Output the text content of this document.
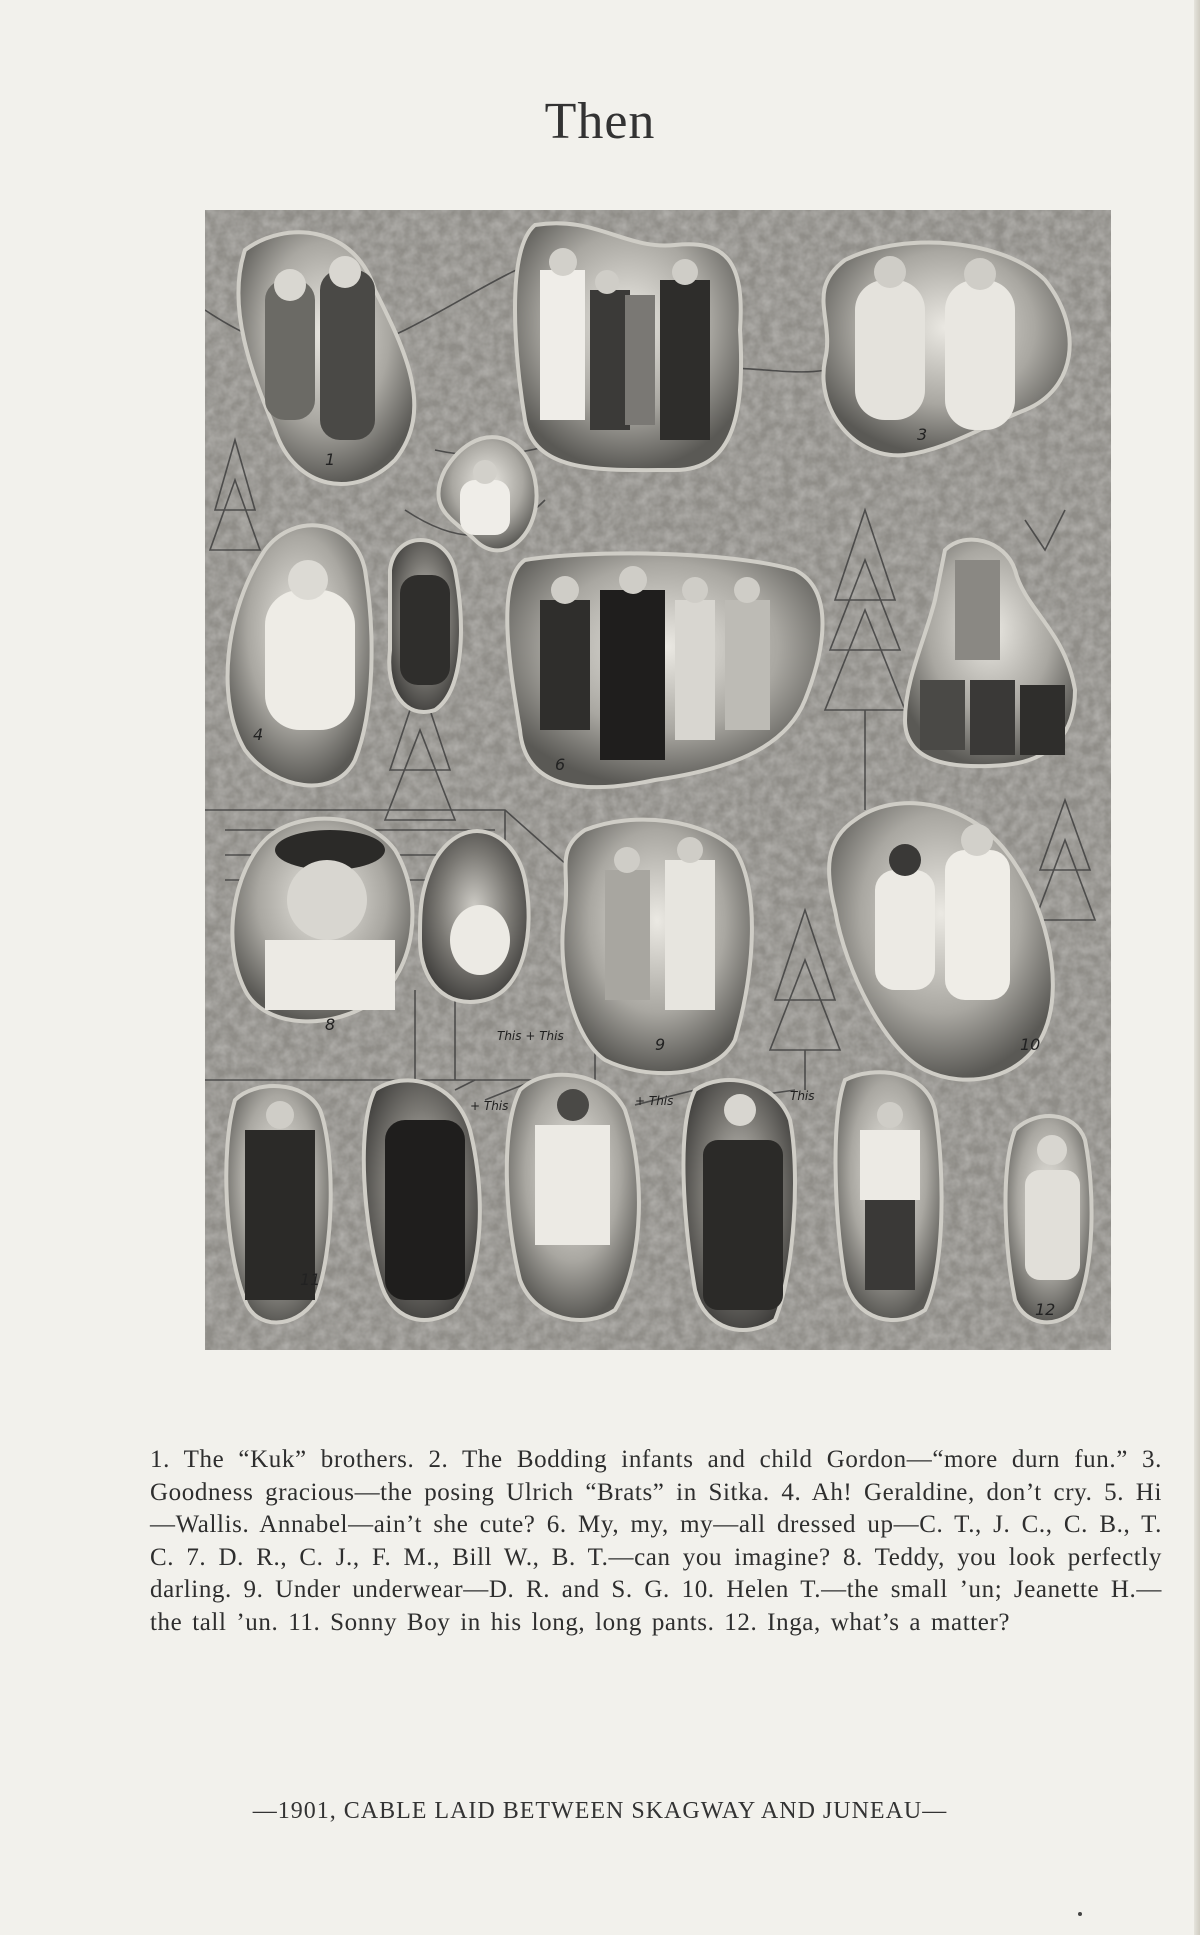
Then
1
3
4
6
8
9	10
11
12
This + This
+ This	+ This	This

1. The “Kuk” brothers. 2. The Bodding infants and child Gordon—“more durn fun.” 3. Goodness gracious—the posing Ulrich “Brats” in Sitka. 4. Ah! Geraldine, don’t cry. 5. Hi—Wallis. Annabel—ain’t she cute? 6. My, my, my—all dressed up—C. T., J. C., C. B., T. C. 7. D. R., C. J., F. M., Bill W., B. T.—can you imagine? 8. Teddy, you look perfectly darling. 9. Under underwear—D. R. and S. G. 10. Helen T.—the small ’un; Jeanette H.—the tall ’un. 11. Sonny Boy in his long, long pants. 12. Inga, what’s a matter?

—1901, CABLE LAID BETWEEN SKAGWAY AND JUNEAU—
